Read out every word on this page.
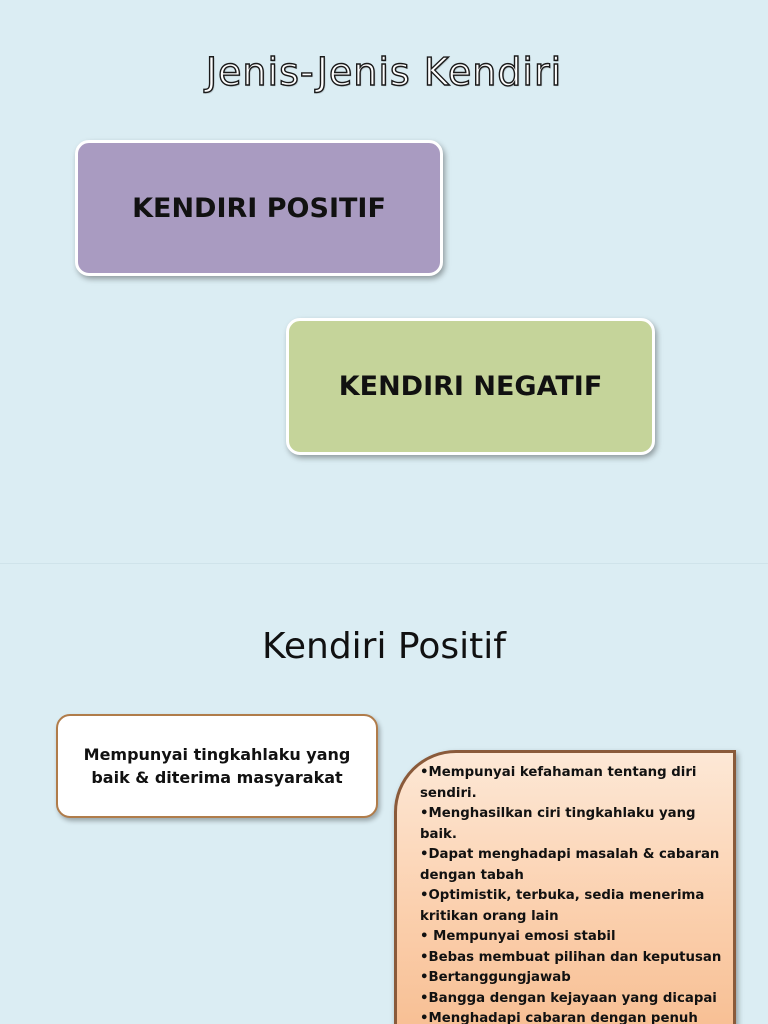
Jenis-Jenis Kendiri
KENDIRI POSITIF
KENDIRI NEGATIF
Kendiri Positif
Mempunyai tingkahlaku yang
baik & diterima masyarakat	•Mempunyai kefahaman tentang diri
sendiri.
•Menghasilkan ciri tingkahlaku yang
baik.
•Dapat menghadapi masalah & cabaran
dengan tabah
•Optimistik, terbuka, sedia menerima
kritikan orang lain
• Mempunyai emosi stabil
•Bebas membuat pilihan dan keputusan
•Bertanggungjawab
•Bangga dengan kejayaan yang dicapai
•Menghadapi cabaran dengan penuh
